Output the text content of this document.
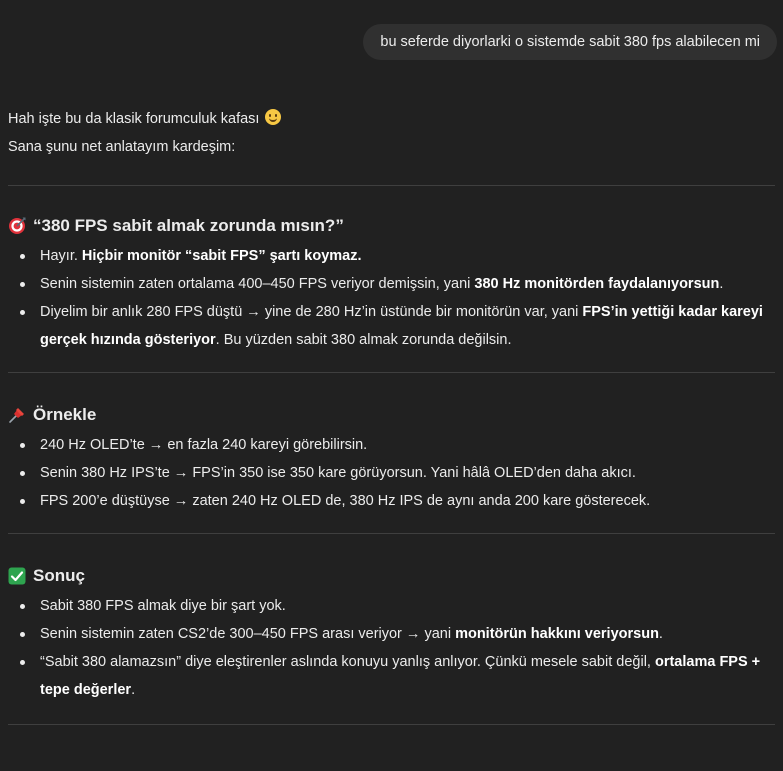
bu seferde diyorlarki o sistemde sabit 380 fps alabilecen mi

Hah işte bu da klasik forumculuk kafası

Sana şunu net anlatayım kardeşim:

“380 FPS sabit almak zorunda mısın?”
Hayır. Hiçbir monitör “sabit FPS” şartı koymaz.
Senin sistemin zaten ortalama 400–450 FPS veriyor demişsin, yani 380 Hz monitörden faydalanıyorsun.
Diyelim bir anlık 280 FPS düştü → yine de 280 Hz’in üstünde bir monitörün var, yani FPS’in yettiği kadar kareyi gerçek hızında gösteriyor. Bu yüzden sabit 380 almak zorunda değilsin.
Örnekle
240 Hz OLED’te → en fazla 240 kareyi görebilirsin.
Senin 380 Hz IPS’te → FPS’in 350 ise 350 kare görüyorsun. Yani hâlâ OLED’den daha akıcı.
FPS 200’e düştüyse → zaten 240 Hz OLED de, 380 Hz IPS de aynı anda 200 kare gösterecek.
Sonuç
Sabit 380 FPS almak diye bir şart yok.
Senin sistemin zaten CS2’de 300–450 FPS arası veriyor → yani monitörün hakkını veriyorsun.
“Sabit 380 alamazsın” diye eleştirenler aslında konuyu yanlış anlıyor. Çünkü mesele sabit değil, ortalama FPS + tepe değerler.
